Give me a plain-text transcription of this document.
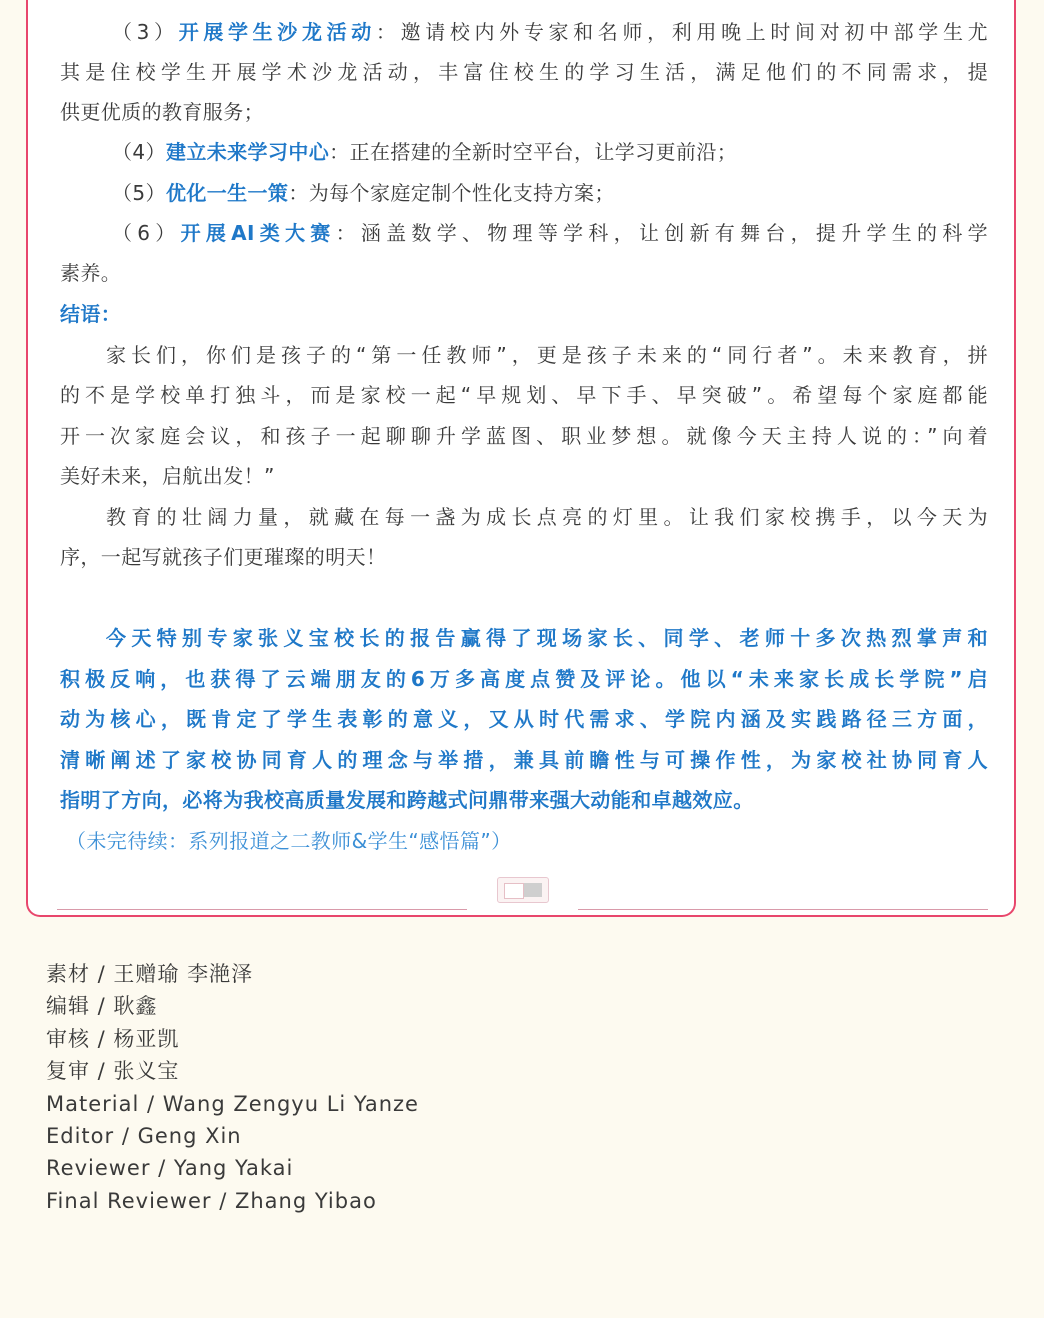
（3）开展学生沙龙活动：邀请校内外专家和名师，利用晚上时间对初中部学生尤
其是住校学生开展学术沙龙活动，丰富住校生的学习生活，满足他们的不同需求，提
供更优质的教育服务；
（4）建立未来学习中心：正在搭建的全新时空平台，让学习更前沿；
（5）优化一生一策：为每个家庭定制个性化支持方案；
（6）开展AI类大赛：涵盖数学、物理等学科，让创新有舞台，提升学生的科学
素养。
结语：
家长们，你们是孩子的“第一任教师”，更是孩子未来的“同行者”。未来教育，拼
的不是学校单打独斗，而是家校一起“早规划、早下手、早突破”。希望每个家庭都能
开一次家庭会议，和孩子一起聊聊升学蓝图、职业梦想。就像今天主持人说的：”向着
美好未来，启航出发！”
教育的壮阔力量，就藏在每一盏为成长点亮的灯里。让我们家校携手，以今天为
序，一起写就孩子们更璀璨的明天！
今天特别专家张义宝校长的报告赢得了现场家长、同学、老师十多次热烈掌声和
积极反响，也获得了云端朋友的6万多高度点赞及评论。他以“未来家长成长学院”启
动为核心，既肯定了学生表彰的意义，又从时代需求、学院内涵及实践路径三方面，
清晰阐述了家校协同育人的理念与举措，兼具前瞻性与可操作性，为家校社协同育人
指明了方向，必将为我校高质量发展和跨越式问鼎带来强大动能和卓越效应。
（未完待续：系列报道之二教师&学生“感悟篇”）
素材 / 王赠瑜 李滟泽
编辑 / 耿鑫
审核 / 杨亚凯
复审 / 张义宝
Material / Wang Zengyu Li Yanze
Editor / Geng Xin
Reviewer / Yang Yakai
Final Reviewer / Zhang Yibao
